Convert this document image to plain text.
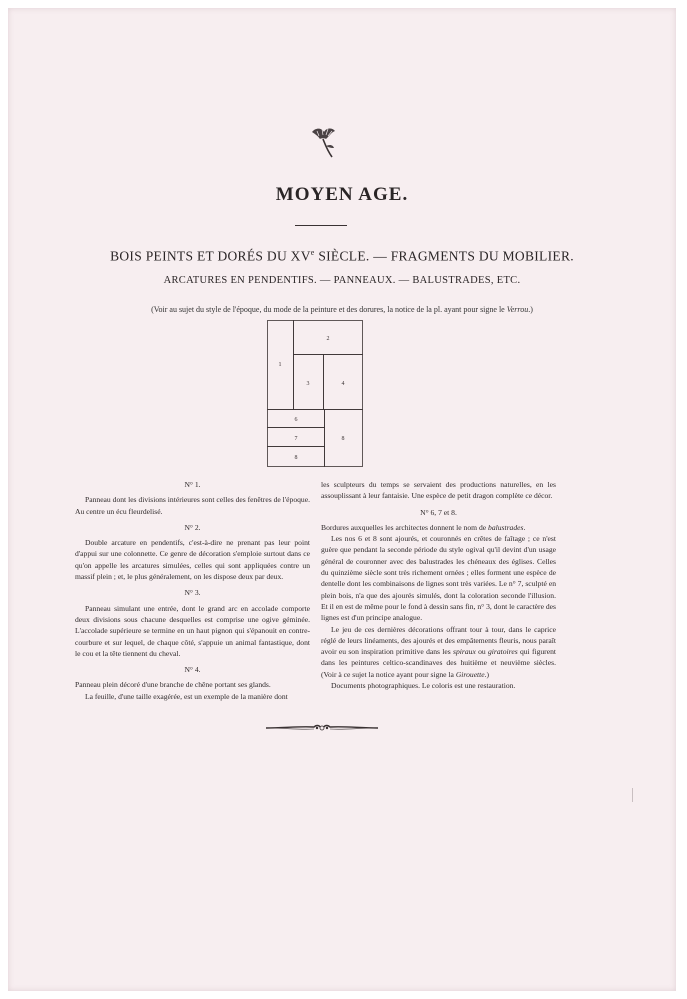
MOYEN AGE.
BOIS PEINTS ET DORÉS DU XVe SIÈCLE. — FRAGMENTS DU MOBILIER.
ARCATURES EN PENDENTIFS. — PANNEAUX. — BALUSTRADES, ETC.
(Voir au sujet du style de l'époque, du mode de la peinture et des dorures, la notice de la pl. ayant pour signe le Verrou.)
1
2
3	4
6
7
8
8

N° 1.

Panneau dont les divisions intérieures sont celles des fenêtres de l'époque. Au centre un écu fleurdelisé.

N° 2.

Double arcature en pendentifs, c'est-à-dire ne prenant pas leur point d'appui sur une colonnette. Ce genre de décoration s'emploie surtout dans ce qu'on appelle les arcatures simulées, celles qui sont appliquées contre un massif plein ; et, le plus généralement, on les dispose deux par deux.

N° 3.

Panneau simulant une entrée, dont le grand arc en accolade comporte deux divisions sous chacune desquelles est comprise une ogive géminée. L'accolade supérieure se termine en un haut pignon qui s'épanouit en contre-courbure et sur lequel, de chaque côté, s'appuie un animal fantastique, dont le cou et la tête tiennent du cheval.

N° 4.

Panneau plein décoré d'une branche de chêne portant ses glands.

La feuille, d'une taille exagérée, est un exemple de la manière dont

les sculpteurs du temps se servaient des productions naturelles, en les assouplissant à leur fantaisie. Une espèce de petit dragon complète ce décor.

N° 6, 7 et 8.

Bordures auxquelles les architectes donnent le nom de balustrades.

Les nos 6 et 8 sont ajourés, et couronnés en crêtes de faîtage ; ce n'est guère que pendant la seconde période du style ogival qu'il devint d'un usage général de couronner avec des balustrades les chéneaux des églises. Celles du quinzième siècle sont très richement ornées ; elles forment une espèce de dentelle dont les combinaisons de lignes sont très variées. Le n° 7, sculpté en plein bois, n'a que des ajourés simulés, dont la coloration seconde l'illusion. Et il en est de même pour le fond à dessin sans fin, n° 3, dont le caractère des lignes est d'un principe analogue.

Le jeu de ces dernières décorations offrant tour à tour, dans le caprice réglé de leurs linéaments, des ajourés et des empâtements fleuris, nous paraît avoir eu son inspiration primitive dans les spiraux ou giratoires qui figurent dans les peintures celtico-scandinaves des huitième et neuvième siècles. (Voir à ce sujet la notice ayant pour signe la Girouette.)

Documents photographiques. Le coloris est une restauration.
